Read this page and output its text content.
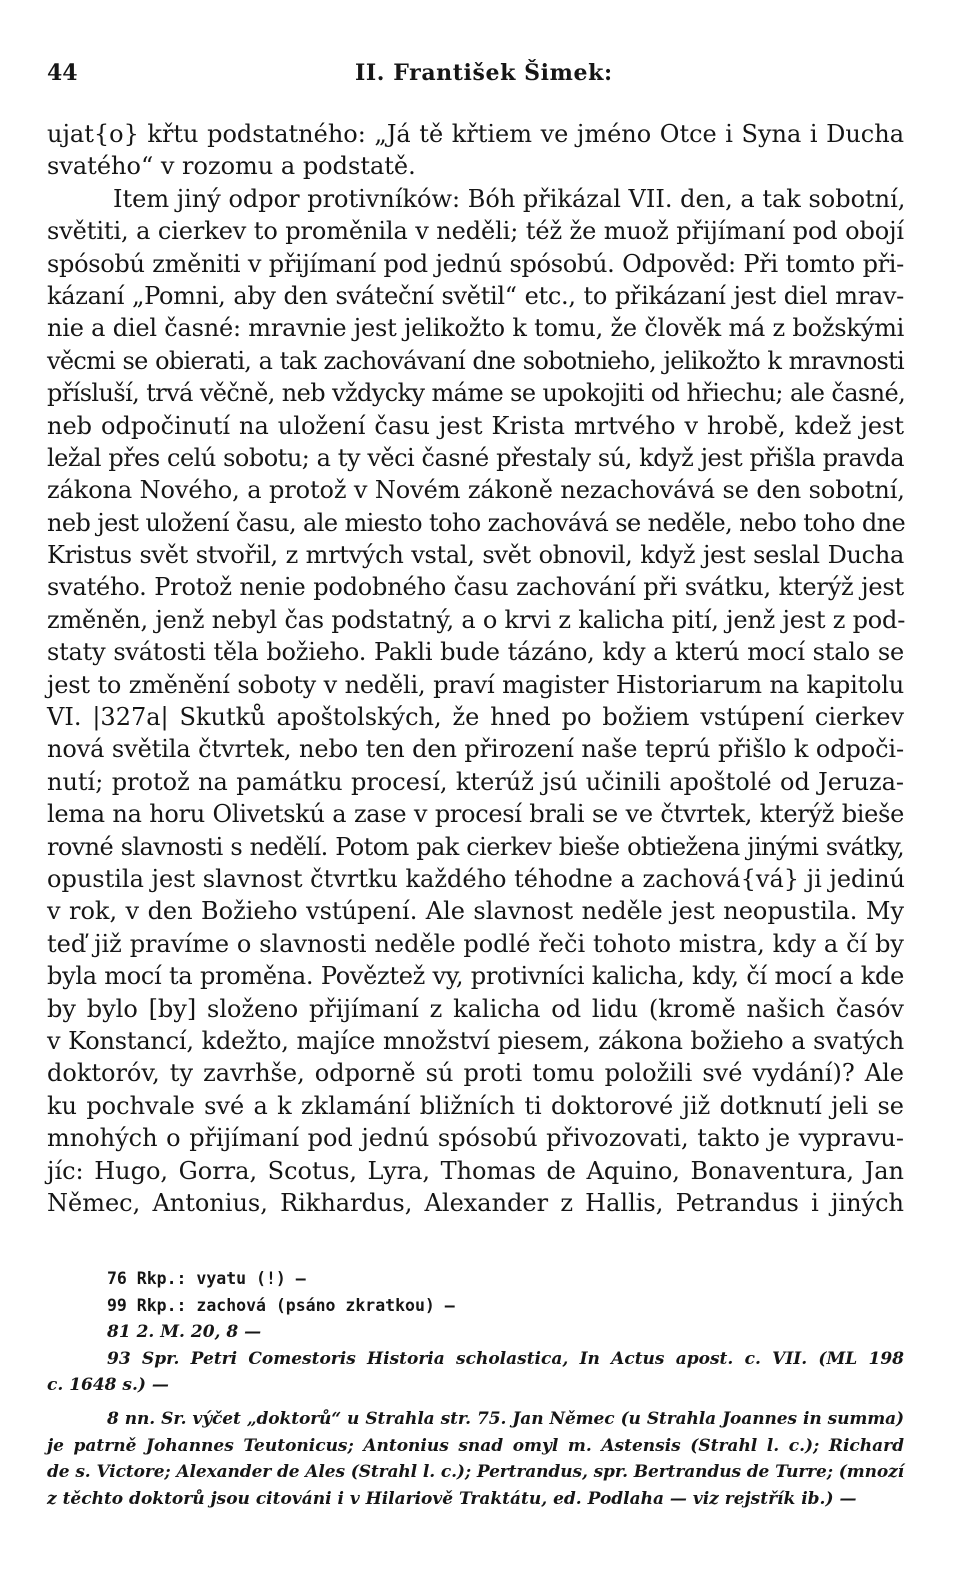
44	II. František Šimek:
ujat{o} křtu podstatného: „Já tě křtiem ve jméno Otce i Syna i Ducha
svatého“ v rozomu a podstatě.
Item jiný odpor protivníków: Bóh přikázal VII. den, a tak sobotní,
světiti, a cierkev to proměnila v neděli; též že muož přijímaní pod obojí
spósobú změniti v přijímaní pod jednú spósobú. Odpověd: Při tomto při-
kázaní „Pomni, aby den sváteční světil“ etc., to přikázaní jest diel mrav-
nie a diel časné: mravnie jest jelikožto k tomu, že člověk má z božskými
věcmi se obierati, a tak zachovávaní dne sobotnieho, jelikožto k mravnosti
přísluší, trvá věčně, neb vždycky máme se upokojiti od hřiechu; ale časné,
neb odpočinutí na uložení času jest Krista mrtvého v hrobě, kdež jest
ležal přes celú sobotu; a ty věci časné přestaly sú, když jest přišla pravda
zákona Nového, a protož v Novém zákoně nezachovává se den sobotní,
neb jest uložení času, ale miesto toho zachovává se neděle, nebo toho dne
Kristus svět stvořil, z mrtvých vstal, svět obnovil, když jest seslal Ducha
svatého. Protož nenie podobného času zachování při svátku, kterýž jest
změněn, jenž nebyl čas podstatný, a o krvi z kalicha pití, jenž jest z pod-
staty svátosti těla božieho. Pakli bude tázáno, kdy a kterú mocí stalo se
jest to změnění soboty v neděli, praví magister Historiarum na kapitolu
VI. |327a| Skutků apoštolských, že hned po božiem vstúpení cierkev
nová světila čtvrtek, nebo ten den přirození naše teprú přišlo k odpoči-
nutí; protož na památku procesí, kterúž jsú učinili apoštolé od Jeruza-
lema na horu Olivetskú a zase v procesí brali se ve čtvrtek, kterýž bieše
rovné slavnosti s nedělí. Potom pak cierkev bieše obtiežena jinými svátky,
opustila jest slavnost čtvrtku každého téhodne a zachová{vá} ji jedinú
v rok, v den Božieho vstúpení. Ale slavnost neděle jest neopustila. My
teď již pravíme o slavnosti neděle podlé řeči tohoto mistra, kdy a čí by
byla mocí ta proměna. Pověztež vy, protivníci kalicha, kdy, čí mocí a kde
by bylo [by] složeno přijímaní z kalicha od lidu (kromě našich časóv
v Konstancí, kdežto, majíce množství piesem, zákona božieho a svatých
doktoróv, ty zavrhše, odporně sú proti tomu položili své vydání)? Ale
ku pochvale své a k zklamání bližních ti doktorové již dotknutí jeli se
mnohých o přijímaní pod jednú spósobú přivozovati, takto je vypravu-
jíc: Hugo, Gorra, Scotus, Lyra, Thomas de Aquino, Bonaventura, Jan
Němec, Antonius, Rikhardus, Alexander z Hallis, Petrandus i jiných
76 Rkp.: vyatu (!) —
99 Rkp.: zachová (psáno zkratkou) —
81 2. M. 20, 8 —
93 Spr. Petri Comestoris Historia scholastica, In Actus apost. c. VII. (ML 198
c. 1648 s.) —
8 nn. Sr. výčet „doktorů“ u Strahla str. 75. Jan Němec (u Strahla Joannes in summa)
je patrně Johannes Teutonicus; Antonius snad omyl m. Astensis (Strahl l. c.); Richard
de s. Victore; Alexander de Ales (Strahl l. c.); Pertrandus, spr. Bertrandus de Turre; (mnozí
z těchto doktorů jsou citováni i v Hilariově Traktátu, ed. Podlaha — viz rejstřík ib.) —
